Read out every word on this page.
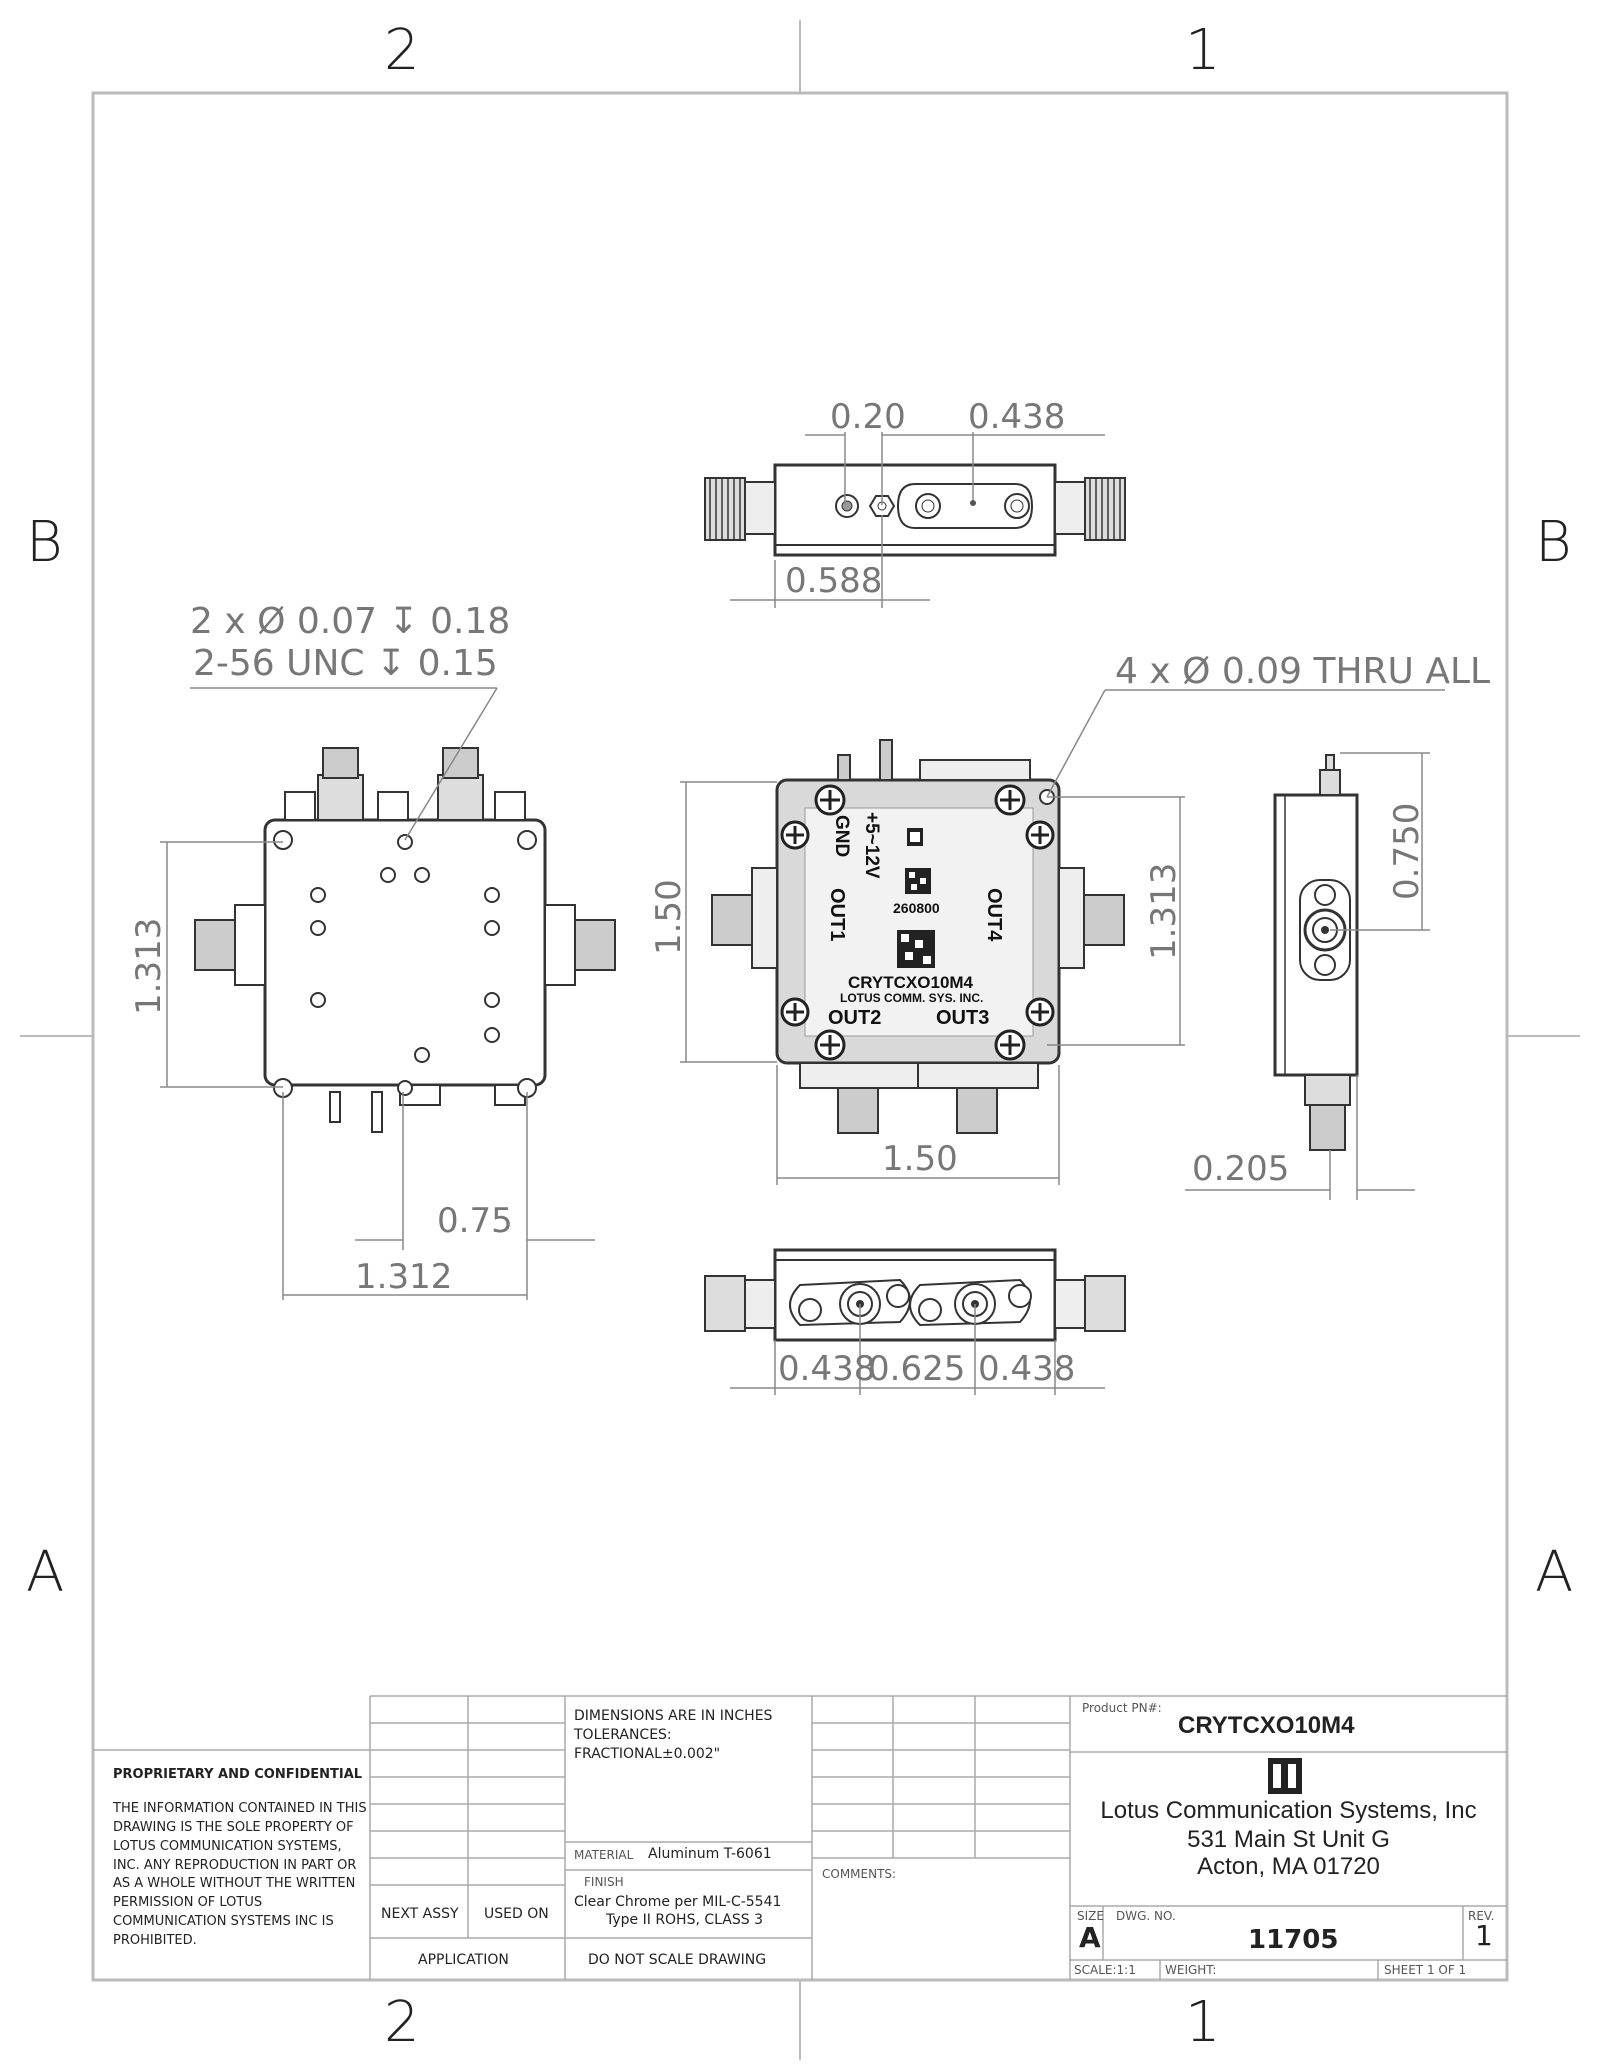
2	1
2	1
B
A
B
A
0.20 0.438
0.588
2 x Ø 0.07 ↧ 0.18
2-56 UNC ↧ 0.15
1.313
0.75
1.312
GND +5~12V
OUT1	OUT4
260800
CRYTCXO10M4
LOTUS COMM. SYS. INC.
OUT2	OUT3
4 x Ø 0.09 THRU ALL
1.50	1.313
1.50
0.750
0.205
0.438
0.625 0.438
PROPRIETARY AND CONFIDENTIAL
THE INFORMATION CONTAINED IN THIS DRAWING IS THE SOLE PROPERTY OF LOTUS COMMUNICATION SYSTEMS, INC. ANY REPRODUCTION IN PART OR AS A WHOLE WITHOUT THE WRITTEN PERMISSION OF LOTUS COMMUNICATION SYSTEMS INC IS PROHIBITED.
NEXT ASSY USED ON
APPLICATION
DIMENSIONS ARE IN INCHES
TOLERANCES:
FRACTIONAL±0.002"
MATERIAL Aluminum T-6061
FINISH
Clear Chrome per MIL-C-5541
Type II ROHS, CLASS 3
DO NOT SCALE DRAWING
COMMENTS:
Product PN#:
CRYTCXO10M4
Lotus Communication Systems, Inc
531 Main St Unit G
Acton, MA 01720
SIZE
A
DWG. NO.
11705
REV.
1
SCALE:1:1 WEIGHT:	SHEET 1 OF 1
